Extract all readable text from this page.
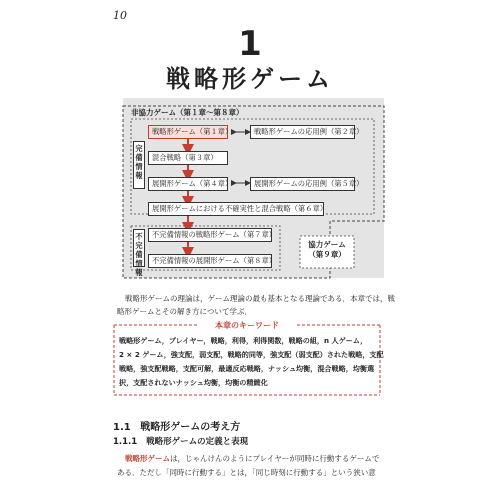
10
1
戦略形ゲーム
非協力ゲーム（第１章～第８章）
完備情報
不完備情報
戦略形ゲーム（第１章）	戦略形ゲームの応用例（第２章）
混合戦略（第３章）
展開形ゲーム（第４章）	展開形ゲームの応用例（第５章）
展開形ゲームにおける不確実性と混合戦略（第６章）
不完備情報の戦略形ゲーム（第７章）
不完備情報の展開形ゲーム（第８章）
協力ゲーム
（第９章）
戦略形ゲームの理論は，ゲーム理論の最も基本となる理論である．本章では，戦
略形ゲームとその解き方について学ぶ．
本章のキーワード
戦略形ゲーム，プレイヤー，戦略，利得，利得関数，戦略の組，n 人ゲーム，
2 × 2 ゲーム，強支配，弱支配，戦略的同等，強支配（弱支配）された戦略，支配
戦略，強支配戦略，支配可解，最適反応戦略，ナッシュ均衡，混合戦略，均衡選
択，支配されないナッシュ均衡，均衡の精緻化
1.1 戦略形ゲームの考え方
1.1.1 戦略形ゲームの定義と表現
戦略形ゲームは，じゃんけんのようにプレイヤーが同時に行動するゲームで
ある．ただし「同時に行動する」とは，「同じ時刻に行動する」という狭い意
